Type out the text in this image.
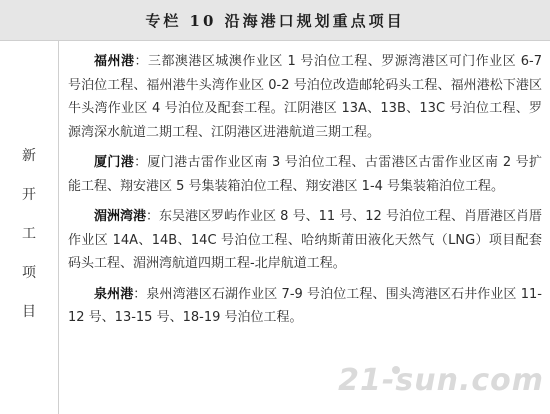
专栏 10 沿海港口规划重点项目
新
开
工
项
目

福州港：三都澳港区城澳作业区 1 号泊位工程、罗源湾港区可门作业区 6-7 号泊位工程、福州港牛头湾作业区 0-2 号泊位改造邮轮码头工程、福州港松下港区牛头湾作业区 4 号泊位及配套工程。江阴港区 13A、13B、13C 号泊位工程、罗源湾深水航道二期工程、江阴港区进港航道三期工程。

厦门港：厦门港古雷作业区南 3 号泊位工程、古雷港区古雷作业区南 2 号扩能工程、翔安港区 5 号集装箱泊位工程、翔安港区 1-4 号集装箱泊位工程。

湄洲湾港：东吴港区罗屿作业区 8 号、11 号、12 号泊位工程、肖厝港区肖厝作业区 14A、14B、14C 号泊位工程、哈纳斯莆田液化天然气（LNG）项目配套码头工程、湄洲湾航道四期工程-北岸航道工程。

泉州港：泉州湾港区石湖作业区 7-9 号泊位工程、围头湾港区石井作业区 11-12 号、13-15 号、18-19 号泊位工程。

21-sun.com
